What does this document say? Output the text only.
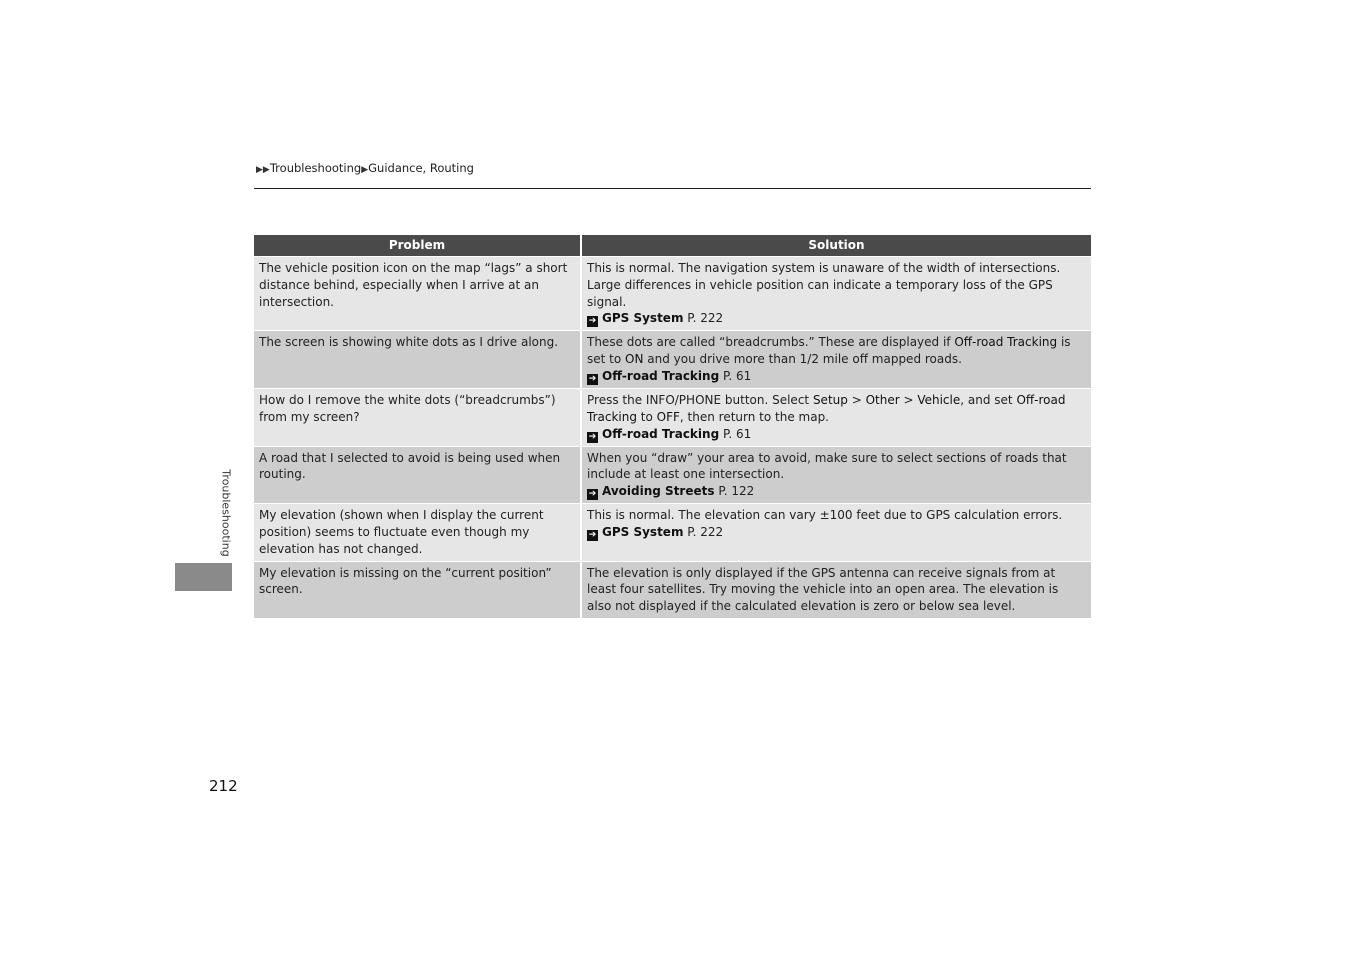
▶▶Troubleshooting▶Guidance, Routing
Troubleshooting
Problem	Solution
The vehicle position icon on the map “lags” a short distance behind, especially when I arrive at an intersection.	This is normal. The navigation system is unaware of the width of intersections. Large differences in vehicle position can indicate a temporary loss of the GPS signal.
➔ GPS System P. 222

The screen is showing white dots as I drive along.	These dots are called “breadcrumbs.” These are displayed if Off-road Tracking is set to ON and you drive more than 1/2 mile off mapped roads.
➔ Off-road Tracking P. 61

How do I remove the white dots (“breadcrumbs”) from my screen?	Press the INFO/PHONE button. Select Setup > Other > Vehicle, and set Off-road Tracking to OFF, then return to the map.
➔ Off-road Tracking P. 61

A road that I selected to avoid is being used when routing.	When you “draw” your area to avoid, make sure to select sections of roads that include at least one intersection.
➔ Avoiding Streets P. 122

My elevation (shown when I display the current position) seems to fluctuate even though my elevation has not changed.	This is normal. The elevation can vary ±100 feet due to GPS calculation errors.
➔ GPS System P. 222

My elevation is missing on the “current position” screen.	The elevation is only displayed if the GPS antenna can receive signals from at least four satellites. Try moving the vehicle into an open area. The elevation is also not displayed if the calculated elevation is zero or below sea level.
212
